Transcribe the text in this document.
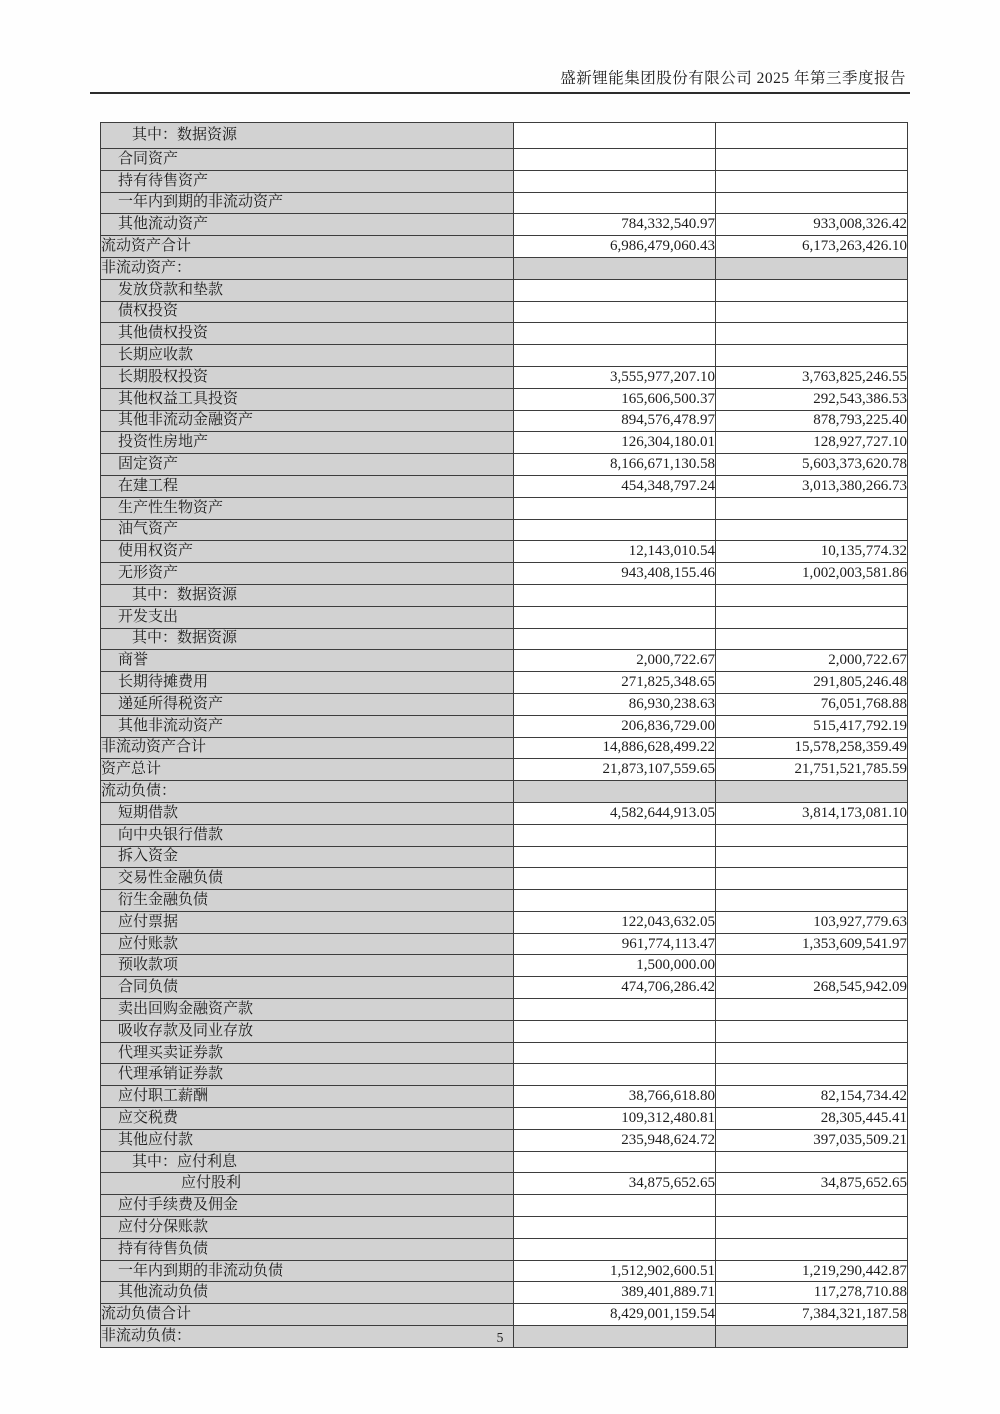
盛新锂能集团股份有限公司 2025 年第三季度报告
其中：数据资源		
合同资产		
持有待售资产		
一年内到期的非流动资产		
其他流动资产	784,332,540.97	933,008,326.42
流动资产合计	6,986,479,060.43	6,173,263,426.10
非流动资产：		
发放贷款和垫款		
债权投资		
其他债权投资		
长期应收款		
长期股权投资	3,555,977,207.10	3,763,825,246.55
其他权益工具投资	165,606,500.37	292,543,386.53
其他非流动金融资产	894,576,478.97	878,793,225.40
投资性房地产	126,304,180.01	128,927,727.10
固定资产	8,166,671,130.58	5,603,373,620.78
在建工程	454,348,797.24	3,013,380,266.73
生产性生物资产		
油气资产		
使用权资产	12,143,010.54	10,135,774.32
无形资产	943,408,155.46	1,002,003,581.86
其中：数据资源		
开发支出		
其中：数据资源		
商誉	2,000,722.67	2,000,722.67
长期待摊费用	271,825,348.65	291,805,246.48
递延所得税资产	86,930,238.63	76,051,768.88
其他非流动资产	206,836,729.00	515,417,792.19
非流动资产合计	14,886,628,499.22	15,578,258,359.49
资产总计	21,873,107,559.65	21,751,521,785.59
流动负债：		
短期借款	4,582,644,913.05	3,814,173,081.10
向中央银行借款		
拆入资金		
交易性金融负债		
衍生金融负债		
应付票据	122,043,632.05	103,927,779.63
应付账款	961,774,113.47	1,353,609,541.97
预收款项	1,500,000.00	
合同负债	474,706,286.42	268,545,942.09
卖出回购金融资产款		
吸收存款及同业存放		
代理买卖证券款		
代理承销证券款		
应付职工薪酬	38,766,618.80	82,154,734.42
应交税费	109,312,480.81	28,305,445.41
其他应付款	235,948,624.72	397,035,509.21
其中：应付利息		
应付股利	34,875,652.65	34,875,652.65
应付手续费及佣金		
应付分保账款		
持有待售负债		
一年内到期的非流动负债	1,512,902,600.51	1,219,290,442.87
其他流动负债	389,401,889.71	117,278,710.88
流动负债合计	8,429,001,159.54	7,384,321,187.58
非流动负债：			5
